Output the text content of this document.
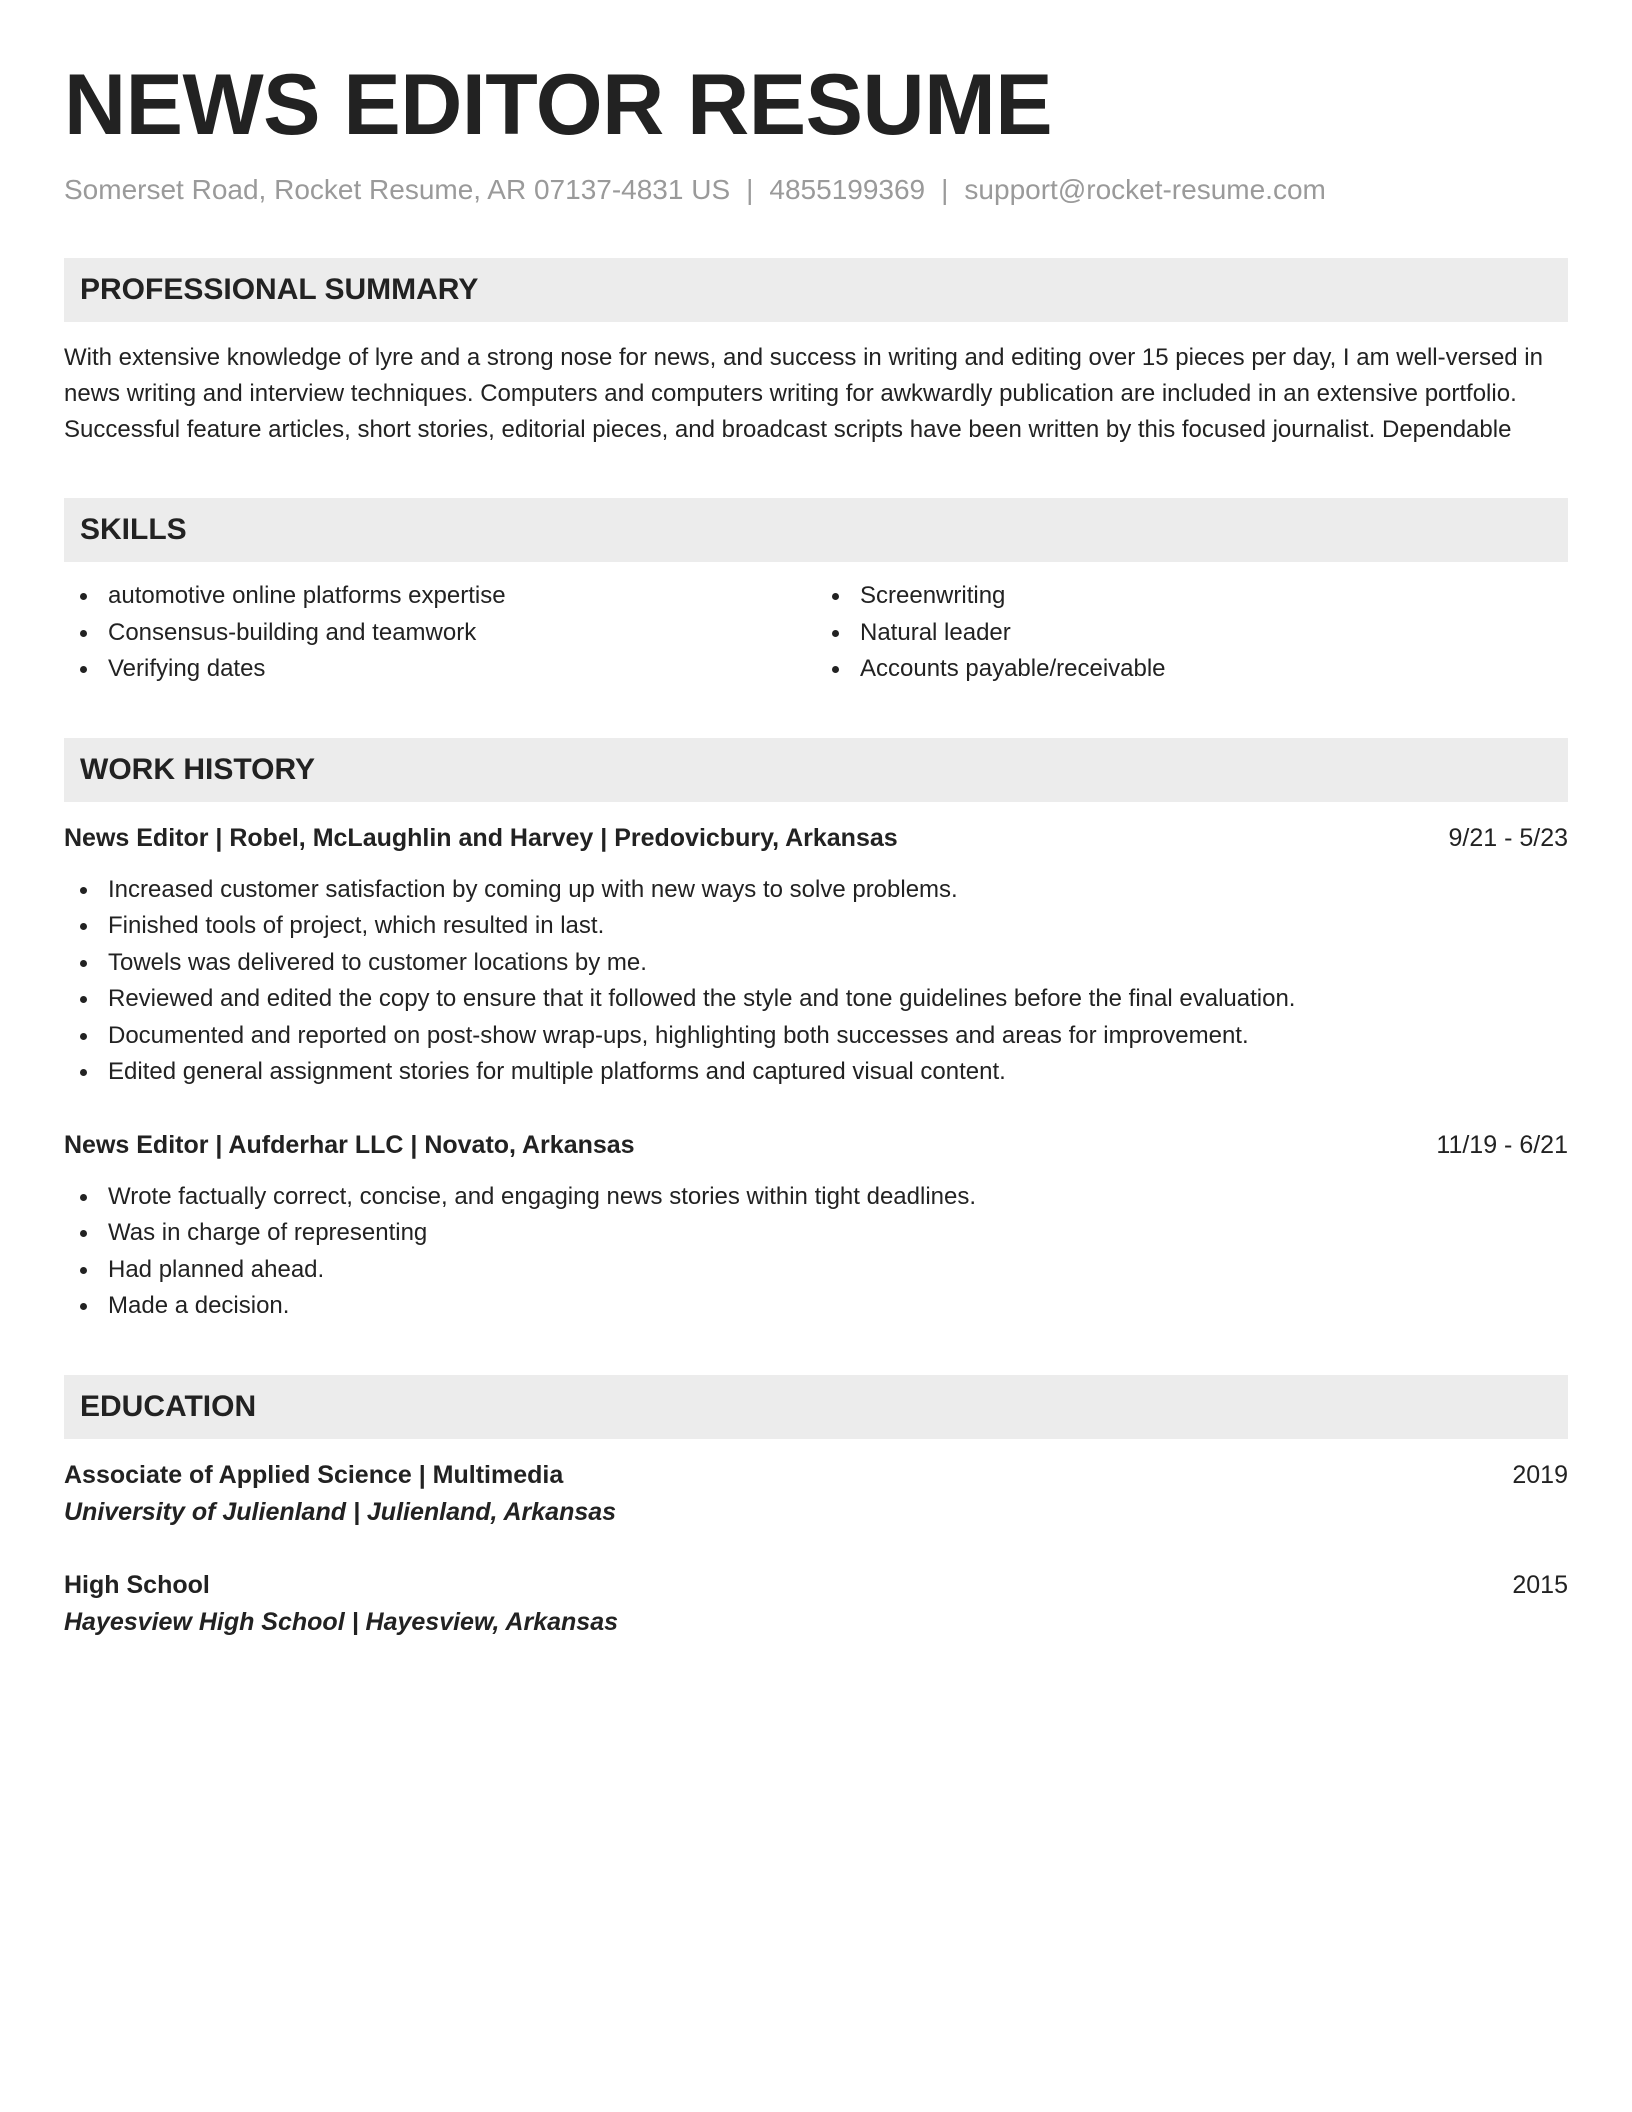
NEWS EDITOR RESUME
Somerset Road, Rocket Resume, AR 07137-4831 US | 4855199369 | support@rocket-resume.com
PROFESSIONAL SUMMARY
With extensive knowledge of lyre and a strong nose for news, and success in writing and editing over 15 pieces per day, I am well-versed in news writing and interview techniques. Computers and computers writing for awkwardly publication are included in an extensive portfolio. Successful feature articles, short stories, editorial pieces, and broadcast scripts have been written by this focused journalist. Dependable
SKILLS
automotive online platforms expertise
Consensus-building and teamwork
Verifying dates
Screenwriting
Natural leader
Accounts payable/receivable
WORK HISTORY
News Editor | Robel, McLaughlin and Harvey | Predovicbury, Arkansas	9/21 - 5/23
Increased customer satisfaction by coming up with new ways to solve problems.
Finished tools of project, which resulted in last.
Towels was delivered to customer locations by me.
Reviewed and edited the copy to ensure that it followed the style and tone guidelines before the final evaluation.
Documented and reported on post-show wrap-ups, highlighting both successes and areas for improvement.
Edited general assignment stories for multiple platforms and captured visual content.
News Editor | Aufderhar LLC | Novato, Arkansas	11/19 - 6/21
Wrote factually correct, concise, and engaging news stories within tight deadlines.
Was in charge of representing
Had planned ahead.
Made a decision.
EDUCATION
Associate of Applied Science | Multimedia	2019
University of Julienland | Julienland, Arkansas
High School	2015
Hayesview High School | Hayesview, Arkansas
